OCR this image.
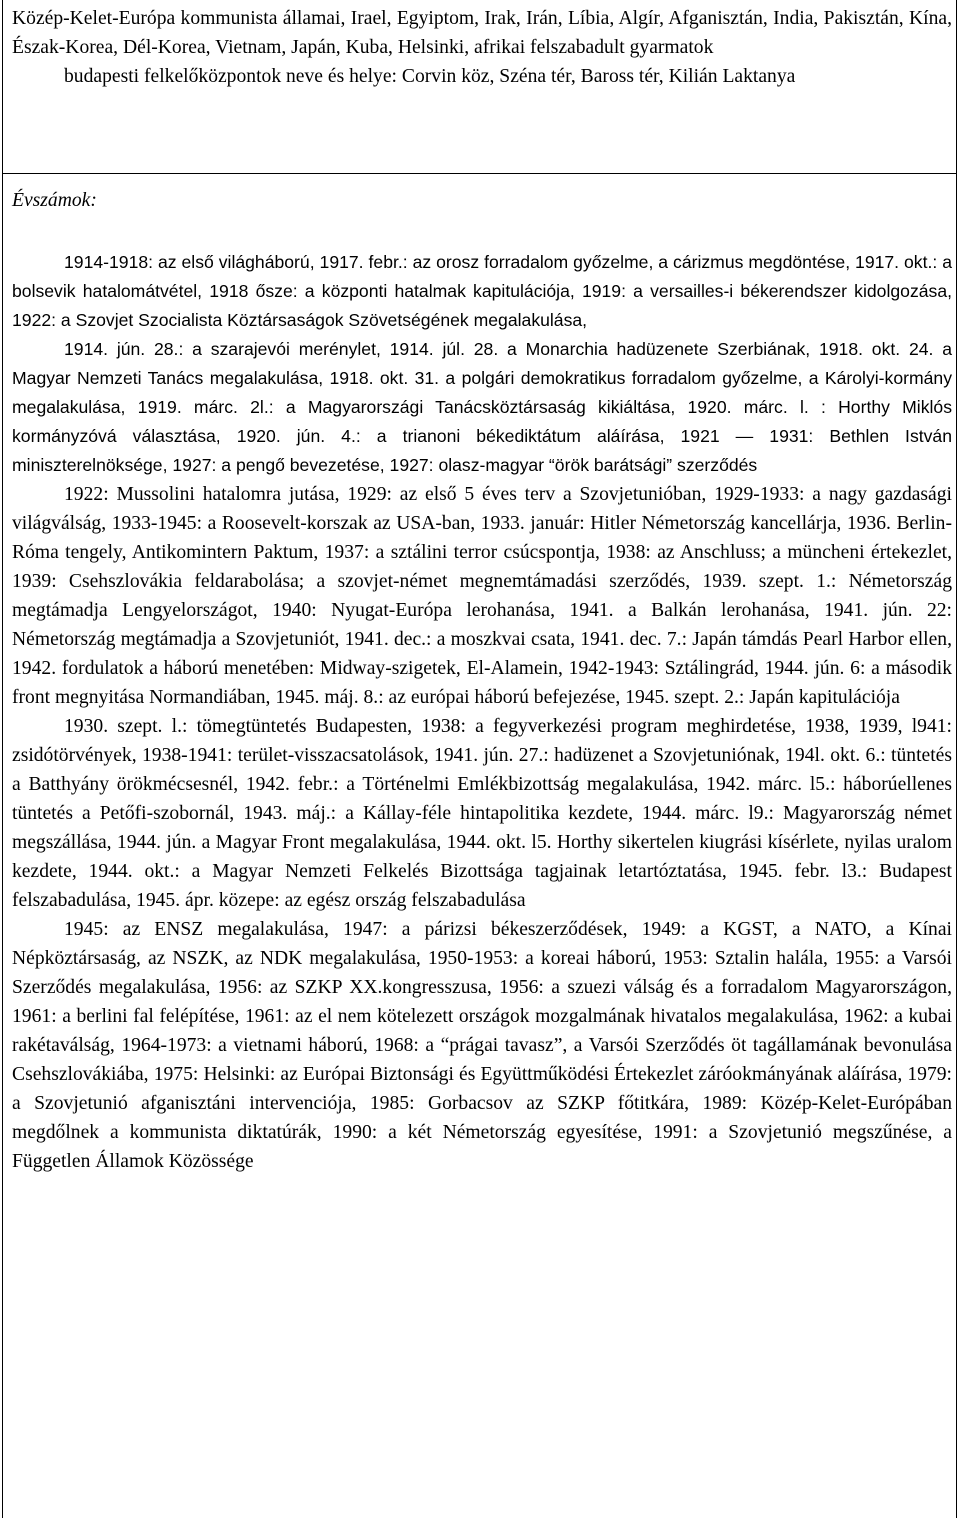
Közép-Kelet-Európa kommunista államai, Irael, Egyiptom, Irak, Irán, Líbia, Algír, Afganisztán, India, Pakisztán, Kína, Észak-Korea, Dél-Korea, Vietnam, Japán, Kuba, Helsinki, afrikai felszabadult gyarmatok

budapesti felkelőközpontok neve és helye: Corvin köz, Széna tér, Baross tér, Kilián Laktanya

Évszámok:

1914-1918: az első világháború, 1917. febr.: az orosz forradalom győzelme, a cárizmus megdöntése, 1917. okt.: a bolsevik hatalomátvétel, 1918 ősze: a központi hatalmak kapitulációja, 1919: a versailles-i békerendszer kidolgozása, 1922: a Szovjet Szocialista Köztársaságok Szövetségének megalakulása,

1914. jún. 28.: a szarajevói merénylet, 1914. júl. 28. a Monarchia hadüzenete Szerbiának, 1918. okt. 24. a Magyar Nemzeti Tanács megalakulása, 1918. okt. 31. a polgári demokratikus forradalom győzelme, a Károlyi-kormány megalakulása, 1919. márc. 2l.: a Magyarországi Tanácsköztársaság kikiáltása, 1920. márc. l. : Horthy Miklós kormányzóvá választása, 1920. jún. 4.: a trianoni békediktátum aláírása, 1921 — 1931: Bethlen István miniszterelnöksége, 1927: a pengő bevezetése, 1927: olasz-magyar “örök barátsági” szerződés

1922: Mussolini hatalomra jutása, 1929: az első 5 éves terv a Szovjetunióban, 1929-1933: a nagy gazdasági világválság, 1933-1945: a Roosevelt-korszak az USA-ban, 1933. január: Hitler Németország kancellárja, 1936. Berlin-Róma tengely, Antikomintern Paktum, 1937: a sztálini terror csúcspontja, 1938: az Anschluss; a müncheni értekezlet, 1939: Csehszlovákia feldarabolása; a szovjet-német megnemtámadási szerződés, 1939. szept. 1.: Németország megtámadja Lengyelországot, 1940: Nyugat-Európa lerohanása, 1941. a Balkán lerohanása, 1941. jún. 22: Németország megtámadja a Szovjetuniót, 1941. dec.: a moszkvai csata, 1941. dec. 7.: Japán támdás Pearl Harbor ellen, 1942. fordulatok a háború menetében: Midway-szigetek, El-Alamein, 1942-1943: Sztálingrád, 1944. jún. 6: a második front megnyitása Normandiában, 1945. máj. 8.: az európai háború befejezése, 1945. szept. 2.: Japán kapitulációja

1930. szept. l.: tömegtüntetés Budapesten, 1938: a fegyverkezési program meghirdetése, 1938, 1939, l941: zsidótörvények, 1938-1941: terület-visszacsatolások, 1941. jún. 27.: hadüzenet a Szovjetuniónak, 194l. okt. 6.: tüntetés a Batthyány örökmécsesnél, 1942. febr.: a Történelmi Emlékbizottság megalakulása, 1942. márc. l5.: háborúellenes tüntetés a Petőfi-szobornál, 1943. máj.: a Kállay-féle hintapolitika kezdete, 1944. márc. l9.: Magyarország német megszállása, 1944. jún. a Magyar Front megalakulása, 1944. okt. l5. Horthy sikertelen kiugrási kísérlete, nyilas uralom kezdete, 1944. okt.: a Magyar Nemzeti Felkelés Bizottsága tagjainak letartóztatása, 1945. febr. l3.: Budapest felszabadulása, 1945. ápr. közepe: az egész ország felszabadulása

1945: az ENSZ megalakulása, 1947: a párizsi békeszerződések, 1949: a KGST, a NATO, a Kínai Népköztársaság, az NSZK, az NDK megalakulása, 1950-1953: a koreai háború, 1953: Sztalin halála, 1955: a Varsói Szerződés megalakulása, 1956: az SZKP XX.kongresszusa, 1956: a szuezi válság és a forradalom Magyarországon, 1961: a berlini fal felépítése, 1961: az el nem kötelezett országok mozgalmának hivatalos megalakulása, 1962: a kubai rakétaválság, 1964-1973: a vietnami háború, 1968: a “prágai tavasz”, a Varsói Szerződés öt tagállamának bevonulása Csehszlovákiába, 1975: Helsinki: az Európai Biztonsági és Együttműködési Értekezlet záróokmányának aláírása, 1979: a Szovjetunió afganisztáni intervenciója, 1985: Gorbacsov az SZKP főtitkára, 1989: Közép-Kelet-Európában megdőlnek a kommunista diktatúrák, 1990: a két Németország egyesítése, 1991: a Szovjetunió megszűnése, a Független Államok Közössége
